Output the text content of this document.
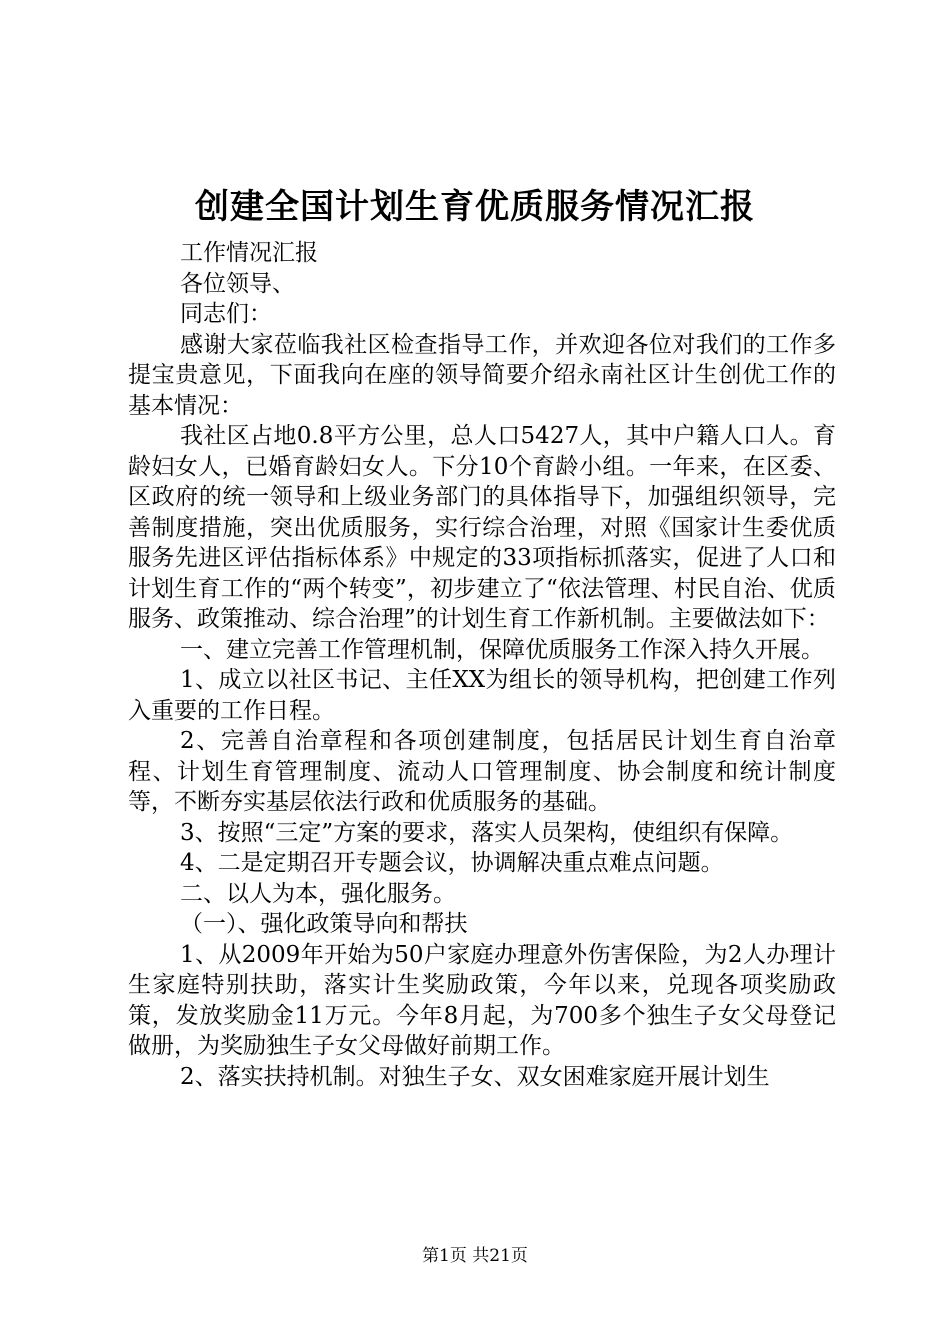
创建全国计划生育优质服务情况汇报

工作情况汇报

各位领导、

同志们：

感谢大家莅临我社区检查指导工作，并欢迎各位对我们的工作多提宝贵意见，下面我向在座的领导简要介绍永南社区计生创优工作的基本情况：

我社区占地0.8平方公里，总人口5427人，其中户籍人口人。育龄妇女人，已婚育龄妇女人。下分10个育龄小组。一年来，在区委、区政府的统一领导和上级业务部门的具体指导下，加强组织领导，完善制度措施，突出优质服务，实行综合治理，对照《国家计生委优质服务先进区评估指标体系》中规定的33项指标抓落实，促进了人口和计划生育工作的“两个转变”，初步建立了“依法管理、村民自治、优质服务、政策推动、综合治理”的计划生育工作新机制。主要做法如下：

一、建立完善工作管理机制，保障优质服务工作深入持久开展。

1、成立以社区书记、主任XX为组长的领导机构，把创建工作列入重要的工作日程。

2、完善自治章程和各项创建制度，包括居民计划生育自治章程、计划生育管理制度、流动人口管理制度、协会制度和统计制度等，不断夯实基层依法行政和优质服务的基础。

3、按照“三定”方案的要求，落实人员架构，使组织有保障。

4、二是定期召开专题会议，协调解决重点难点问题。

二、以人为本，强化服务。

（一）、强化政策导向和帮扶

1、从2009年开始为50户家庭办理意外伤害保险，为2人办理计生家庭特别扶助，落实计生奖励政策，今年以来，兑现各项奖励政策，发放奖励金11万元。今年8月起，为700多个独生子女父母登记做册，为奖励独生子女父母做好前期工作。

2、落实扶持机制。对独生子女、双女困难家庭开展计划生

第1页 共21页
